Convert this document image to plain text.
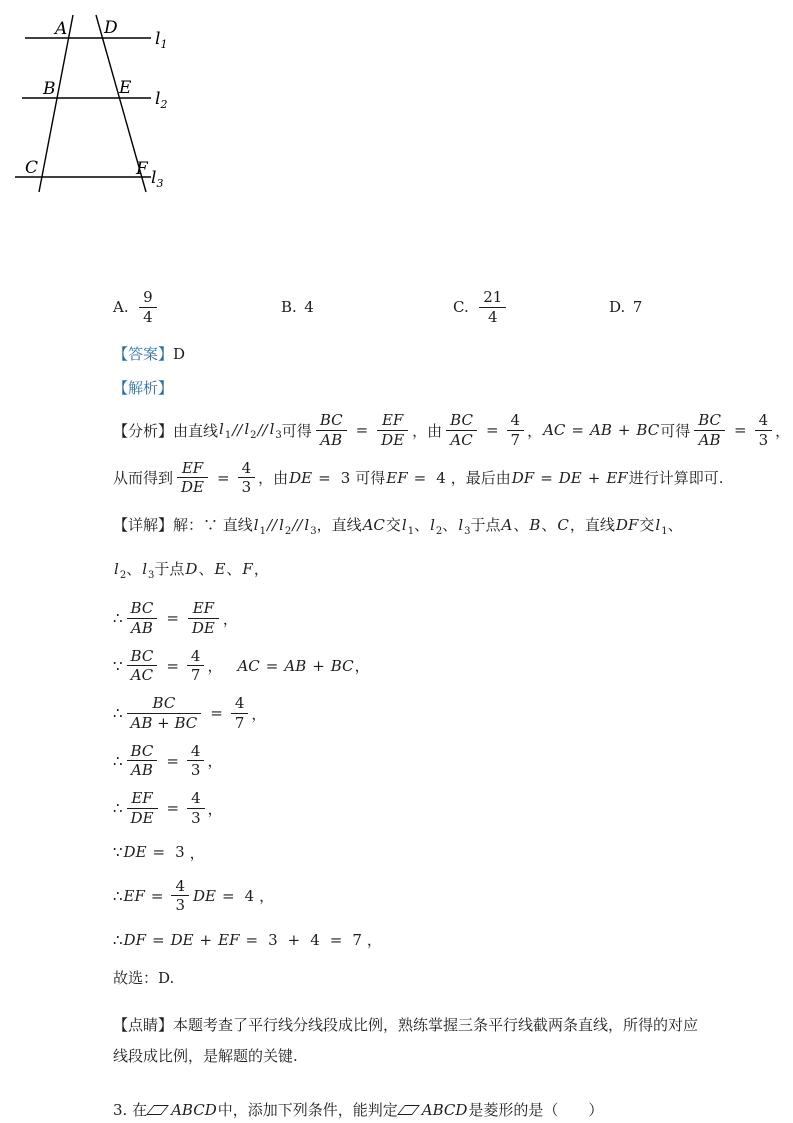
A D
B	E
C	F
$l_1$
$l_2$
$l_3$
A.  $\frac{9}{4}$	B.  4	C.  $\frac{21}{4}$	D.  7
【答案】D
【解析】
【分析】由直线 $l_1 // l_2 // l_3$ 可得 $\frac{BC}{AB} = \frac{EF}{DE}$ ，由 $\frac{BC}{AC} = \frac{4}{7}$ ， AC = AB + BC 可得 $\frac{BC}{AB} = \frac{4}{3}$ ，
从而得到 $\frac{EF}{DE} = \frac{4}{3}$ ，由 DE = 3 可得 EF = 4 ，最后由 DF = DE + EF 进行计算即可.
【详解】解：∵ 直线$l_1//$ $l_2//$ $l_3$，直线AC交$l_1$、$l_2$、$l_3$于点A、B、C，直线DF交$l_1$、
$l_2$、$l_3$于点D、E、F，
∴ $\frac{BC}{AB} = \frac{EF}{DE}$ ，
∵ $\frac{BC}{AC} = \frac{4}{7}$ ， AC = AB + BC ，
∴ $\frac{BC}{AB + BC} = \frac{4}{7}$ ，
∴ $\frac{BC}{AB} = \frac{4}{3}$ ，
∴ $\frac{EF}{DE} = \frac{4}{3}$ ，
∵ DE = 3 ，
∴ EF = $\frac{4}{3}$ DE = 4 ，
∴ DF = DE + EF = 3 + 4 = 7 ，
故选：D.
【点睛】本题考查了平行线分线段成比例，熟练掌握三条平行线截两条直线，所得的对应线段成比例，是解题的关键.
3. 在 ABCD中，添加下列条件，能判定 ABCD是菱形的是（　　）
